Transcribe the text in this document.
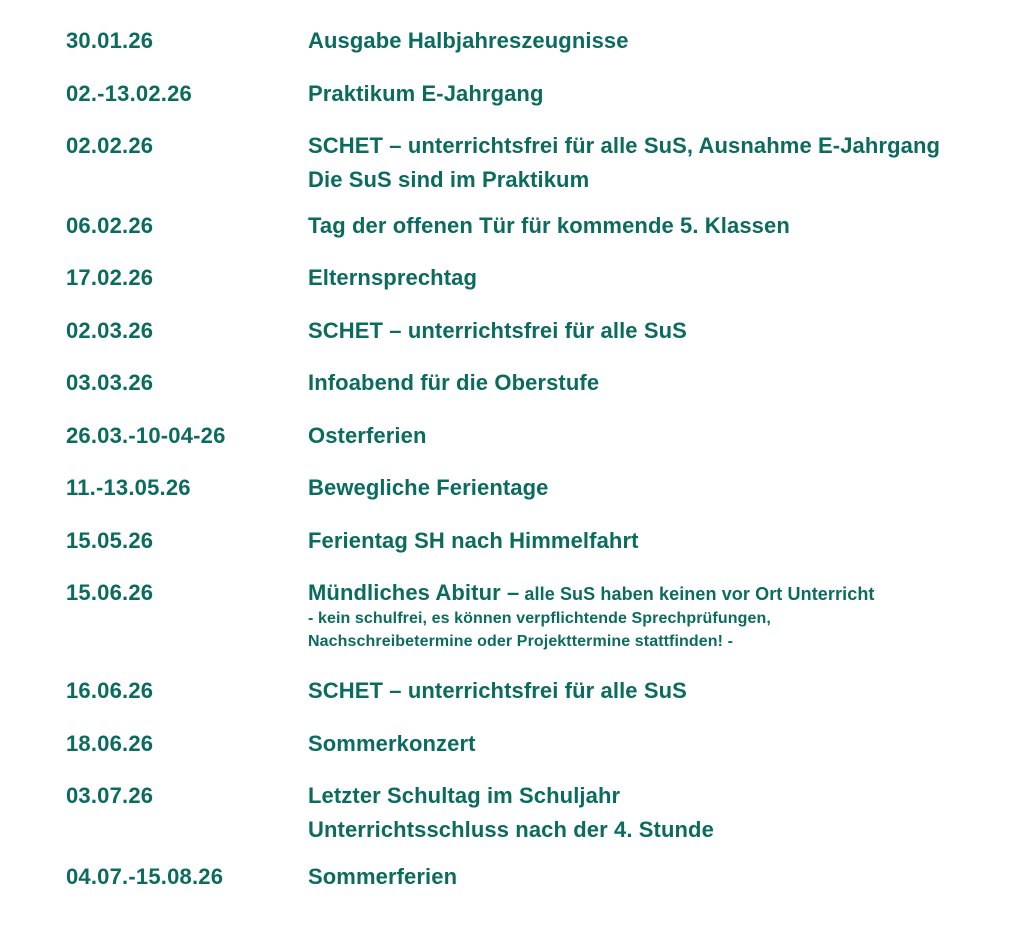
30.01.26	Ausgabe Halbjahreszeugnisse
02.-13.02.26	Praktikum E-Jahrgang
02.02.26	SCHET – unterrichtsfrei für alle SuS, Ausnahme E-Jahrgang
Die SuS sind im Praktikum
06.02.26	Tag der offenen Tür für kommende 5. Klassen
17.02.26	Elternsprechtag
02.03.26	SCHET – unterrichtsfrei für alle SuS
03.03.26	Infoabend für die Oberstufe
26.03.-10-04-26	Osterferien
11.-13.05.26	Bewegliche Ferientage
15.05.26	Ferientag SH nach Himmelfahrt
15.06.26	Mündliches Abitur – alle SuS haben keinen vor Ort Unterricht
- kein schulfrei, es können verpflichtende Sprechprüfungen,
Nachschreibetermine oder Projekttermine stattfinden! -
16.06.26	SCHET – unterrichtsfrei für alle SuS
18.06.26	Sommerkonzert
03.07.26	Letzter Schultag im Schuljahr
Unterrichtsschluss nach der 4. Stunde
04.07.-15.08.26	Sommerferien
